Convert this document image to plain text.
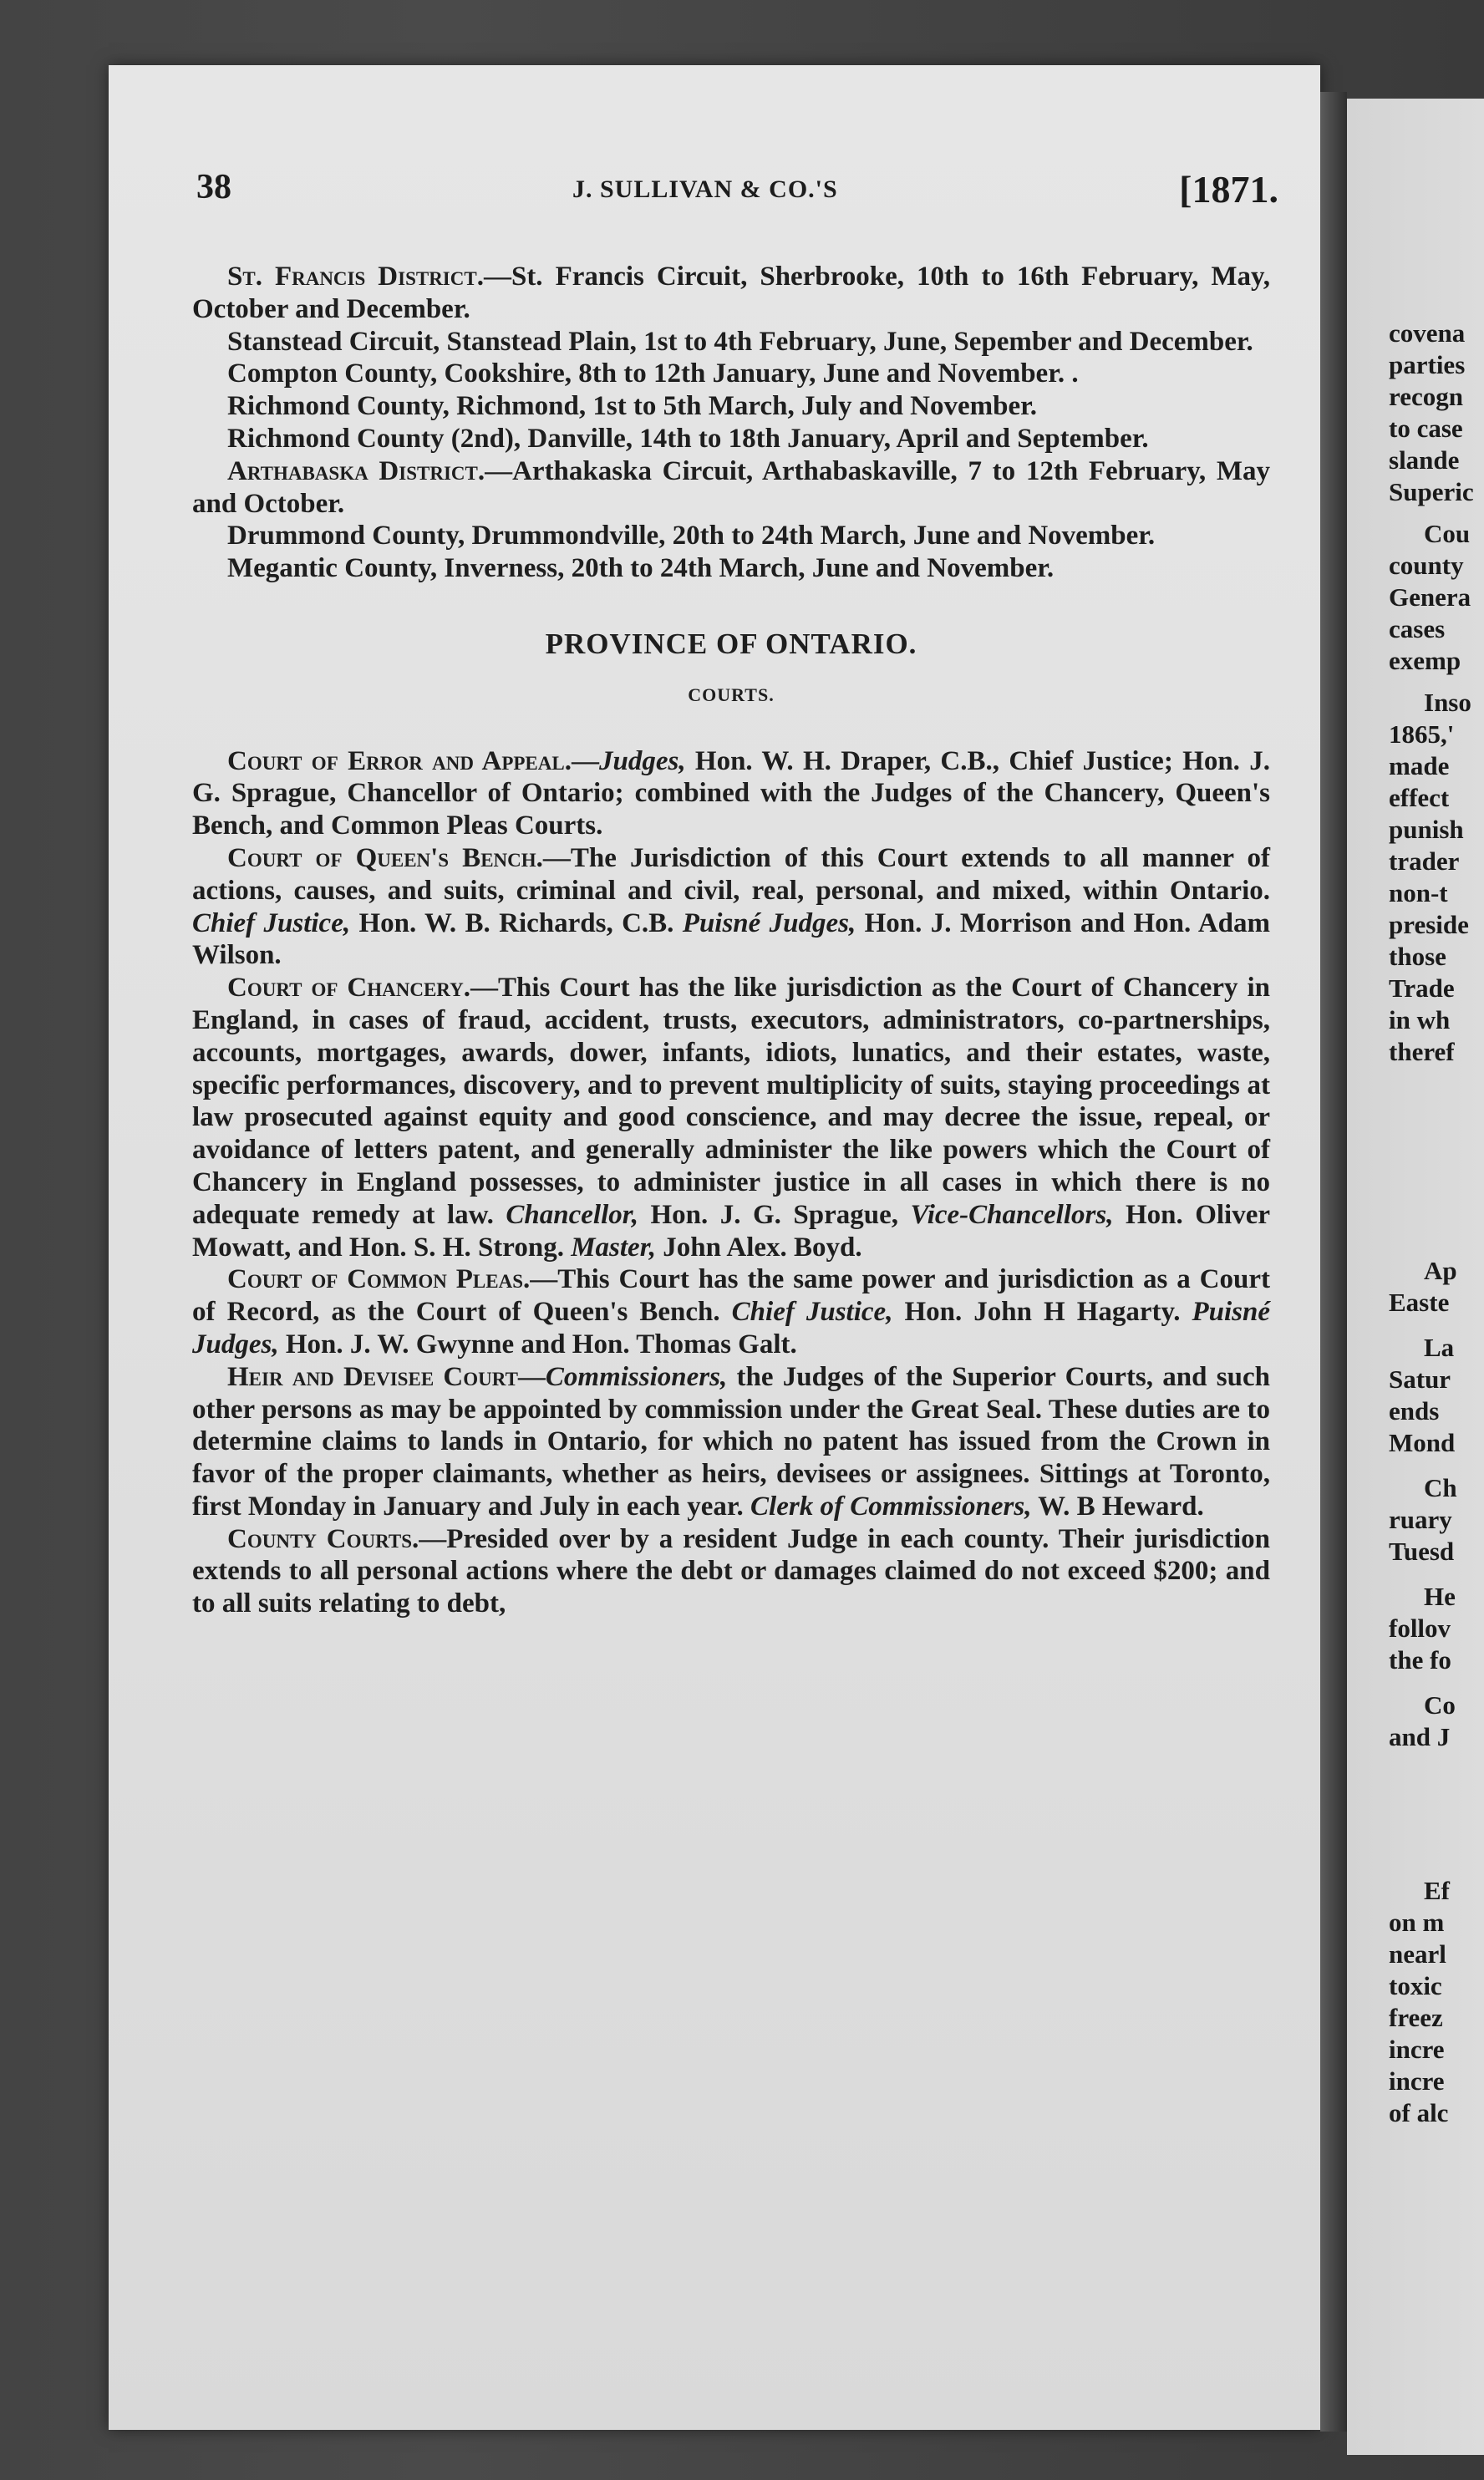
covena
parties
recogn
to case
slande
Superic
Cou
county
Genera
cases
exemp
Inso
1865,'
made
effect
punish
trader
non-t
preside
those
Trade
in wh
theref
Ap
Easte
La
Satur
ends
Mond
Ch
ruary
Tuesd
He
follov
the fo
Co
and J
Ef
on m
nearl
toxic
freez
incre
incre
of alc
38	J. SULLIVAN & CO.'S	[1871.

St. Francis District.—St. Francis Circuit, Sherbrooke, 10th to 16th February, May, October and December.

Stanstead Circuit, Stanstead Plain, 1st to 4th February, June, Sepember and December.

Compton County, Cookshire, 8th to 12th January, June and November. .

Richmond County, Richmond, 1st to 5th March, July and November.

Richmond County (2nd), Danville, 14th to 18th January, April and September.

Arthabaska District.—Arthakaska Circuit, Arthabaskaville, 7 to 12th February, May and October.

Drummond County, Drummondville, 20th to 24th March, June and November.

Megantic County, Inverness, 20th to 24th March, June and November.

PROVINCE OF ONTARIO.
COURTS.

Court of Error and Appeal.—Judges, Hon. W. H. Draper, C.B., Chief Justice; Hon. J. G. Sprague, Chancellor of Ontario; combined with the Judges of the Chancery, Queen's Bench, and Common Pleas Courts.

Court of Queen's Bench.—The Jurisdiction of this Court extends to all manner of actions, causes, and suits, criminal and civil, real, personal, and mixed, within Ontario. Chief Justice, Hon. W. B. Richards, C.B. Puisné Judges, Hon. J. Morrison and Hon. Adam Wilson.

Court of Chancery.—This Court has the like jurisdiction as the Court of Chancery in England, in cases of fraud, accident, trusts, executors, administrators, co-partnerships, accounts, mortgages, awards, dower, infants, idiots, lunatics, and their estates, waste, specific performances, discovery, and to prevent multiplicity of suits, staying proceedings at law prosecuted against equity and good conscience, and may decree the issue, repeal, or avoidance of letters patent, and generally administer the like powers which the Court of Chancery in England possesses, to administer justice in all cases in which there is no adequate remedy at law. Chancellor, Hon. J. G. Sprague, Vice-Chancellors, Hon. Oliver Mowatt, and Hon. S. H. Strong. Master, John Alex. Boyd.

Court of Common Pleas.—This Court has the same power and jurisdiction as a Court of Record, as the Court of Queen's Bench. Chief Justice, Hon. John H Hagarty. Puisné Judges, Hon. J. W. Gwynne and Hon. Thomas Galt.

Heir and Devisee Court—Commissioners, the Judges of the Superior Courts, and such other persons as may be appointed by commission under the Great Seal. These duties are to determine claims to lands in Ontario, for which no patent has issued from the Crown in favor of the proper claimants, whether as heirs, devisees or assignees. Sittings at Toronto, first Monday in January and July in each year. Clerk of Commissioners, W. B Heward.

County Courts.—Presided over by a resident Judge in each county. Their jurisdiction extends to all personal actions where the debt or damages claimed do not exceed $200; and to all suits relating to debt,
